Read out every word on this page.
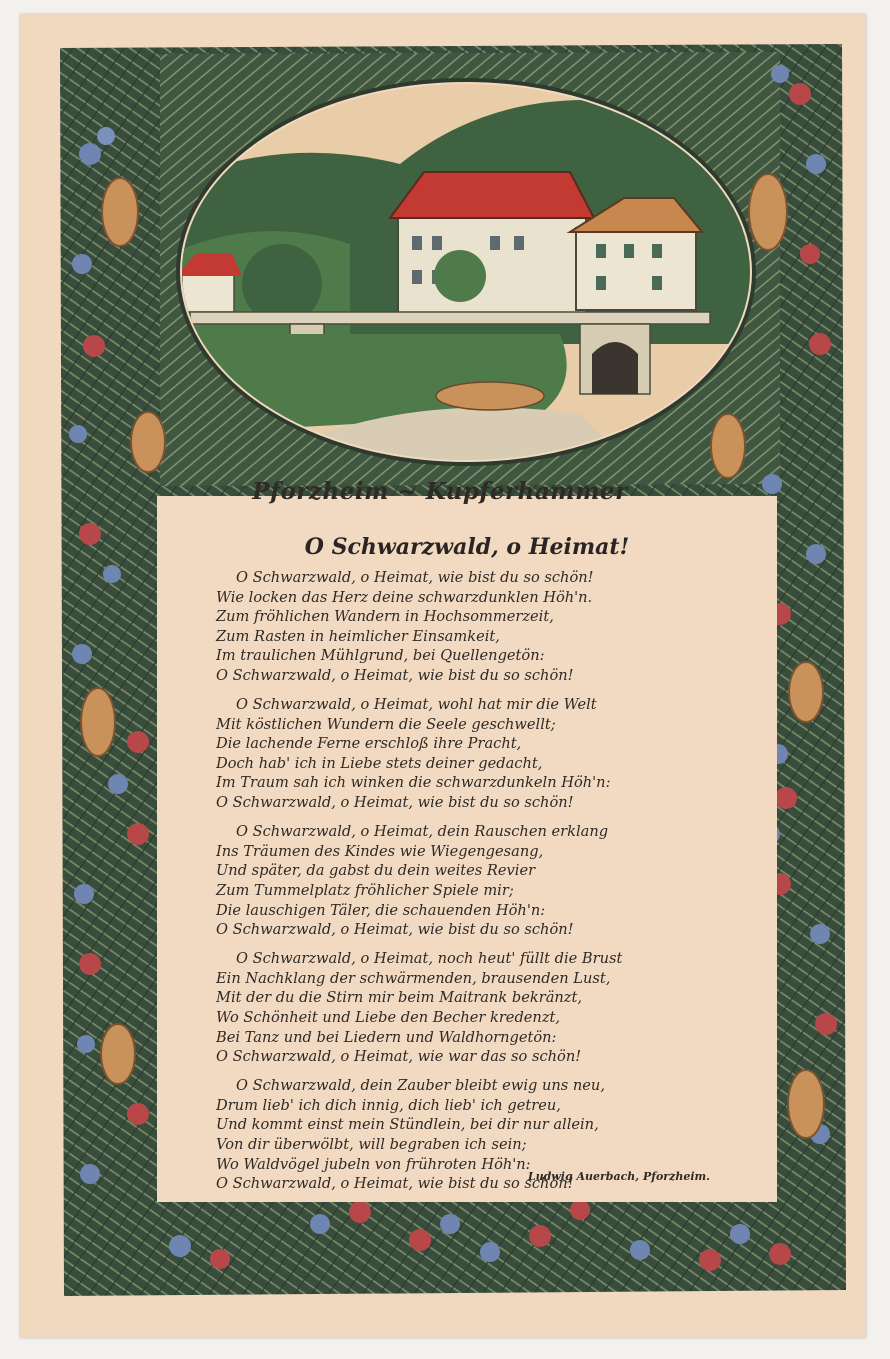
Pforzheim ~ Kupferhammer
O Schwarzwald, o Heimat!

O Schwarzwald, o Heimat, wie bist du so schön!

Wie locken das Herz deine schwarzdunklen Höh'n.

Zum fröhlichen Wandern in Hochsommerzeit,

Zum Rasten in heimlicher Einsamkeit,

Im traulichen Mühlgrund, bei Quellengetön:

O Schwarzwald, o Heimat, wie bist du so schön!

O Schwarzwald, o Heimat, wohl hat mir die Welt

Mit köstlichen Wundern die Seele geschwellt;

Die lachende Ferne erschloß ihre Pracht,

Doch hab' ich in Liebe stets deiner gedacht,

Im Traum sah ich winken die schwarzdunkeln Höh'n:

O Schwarzwald, o Heimat, wie bist du so schön!

O Schwarzwald, o Heimat, dein Rauschen erklang

Ins Träumen des Kindes wie Wiegengesang,

Und später, da gabst du dein weites Revier

Zum Tummelplatz fröhlicher Spiele mir;

Die lauschigen Täler, die schauenden Höh'n:

O Schwarzwald, o Heimat, wie bist du so schön!

O Schwarzwald, o Heimat, noch heut' füllt die Brust

Ein Nachklang der schwärmenden, brausenden Lust,

Mit der du die Stirn mir beim Maitrank bekränzt,

Wo Schönheit und Liebe den Becher kredenzt,

Bei Tanz und bei Liedern und Waldhorngetön:

O Schwarzwald, o Heimat, wie war das so schön!

O Schwarzwald, dein Zauber bleibt ewig uns neu,

Drum lieb' ich dich innig, dich lieb' ich getreu,

Und kommt einst mein Stündlein, bei dir nur allein,

Von dir überwölbt, will begraben ich sein;

Wo Waldvögel jubeln von frühroten Höh'n:

O Schwarzwald, o Heimat, wie bist du so schön!

Ludwig Auerbach, Pforzheim.
